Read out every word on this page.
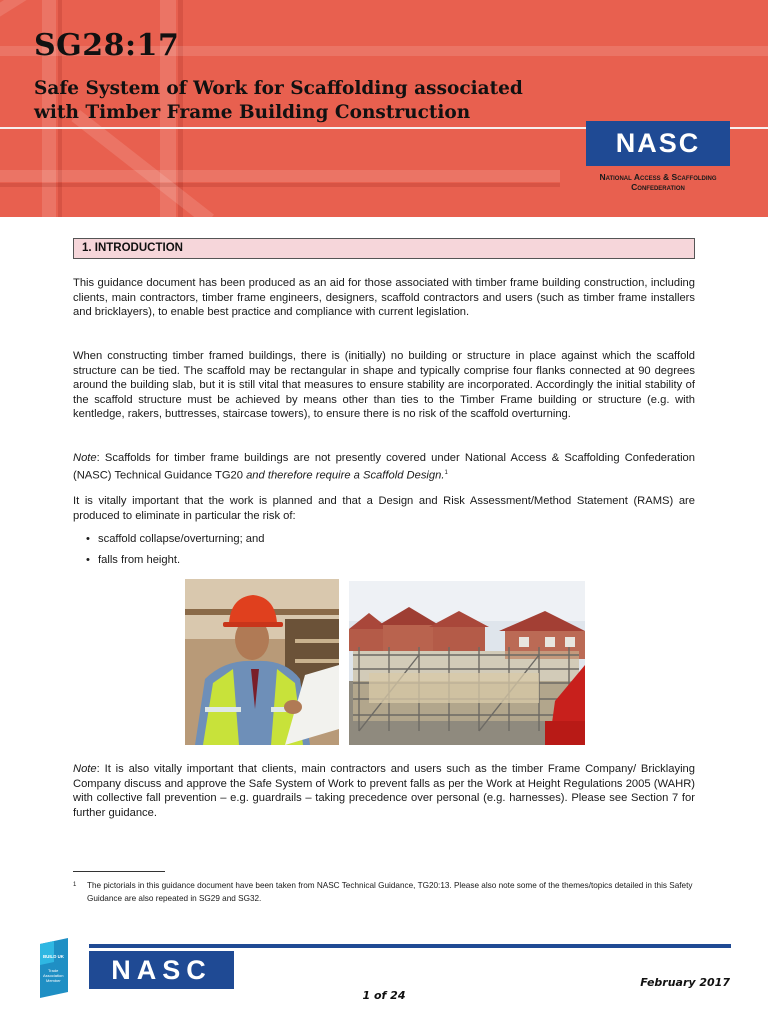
SG28:17
Safe System of Work for Scaffolding associated
with Timber Frame Building Construction
NASC
National Access & Scaffolding
Confederation
1. INTRODUCTION
This guidance document has been produced as an aid for those associated with timber frame building construction, including clients, main contractors, timber frame engineers, designers, scaffold contractors and users (such as timber frame installers and bricklayers), to enable best practice and compliance with current legislation.
When constructing timber framed buildings, there is (initially) no building or structure in place against which the scaffold structure can be tied. The scaffold may be rectangular in shape and typically comprise four flanks connected at 90 degrees around the building slab, but it is still vital that measures to ensure stability are incorporated. Accordingly the initial stability of the scaffold structure must be achieved by means other than ties to the Timber Frame building or structure (e.g. with kentledge, rakers, buttresses, staircase towers), to ensure there is no risk of the scaffold overturning.
Note: Scaffolds for timber frame buildings are not presently covered under National Access & Scaffolding Confederation (NASC) Technical Guidance TG20 and therefore require a Scaffold Design.$^1$
It is vitally important that the work is planned and that a Design and Risk Assessment/Method Statement (RAMS) are produced to eliminate in particular the risk of:
• scaffold collapse/overturning; and
• falls from height.
Note: It is also vitally important that clients, main contractors and users such as the timber Frame Company/ Bricklaying Company discuss and approve the Safe System of Work to prevent falls as per the Work at Height Regulations 2005 (WAHR) with collective fall prevention – e.g. guardrails – taking precedence over personal (e.g. harnesses). Please see Section 7 for further guidance.
1 The pictorials in this guidance document have been taken from NASC Technical Guidance, TG20:13. Please also note some of the themes/topics detailed in this Safety Guidance are also repeated in SG29 and SG32.
BUILD UK
Trade
Association
Member	NASC	February 2017
1 of 24
